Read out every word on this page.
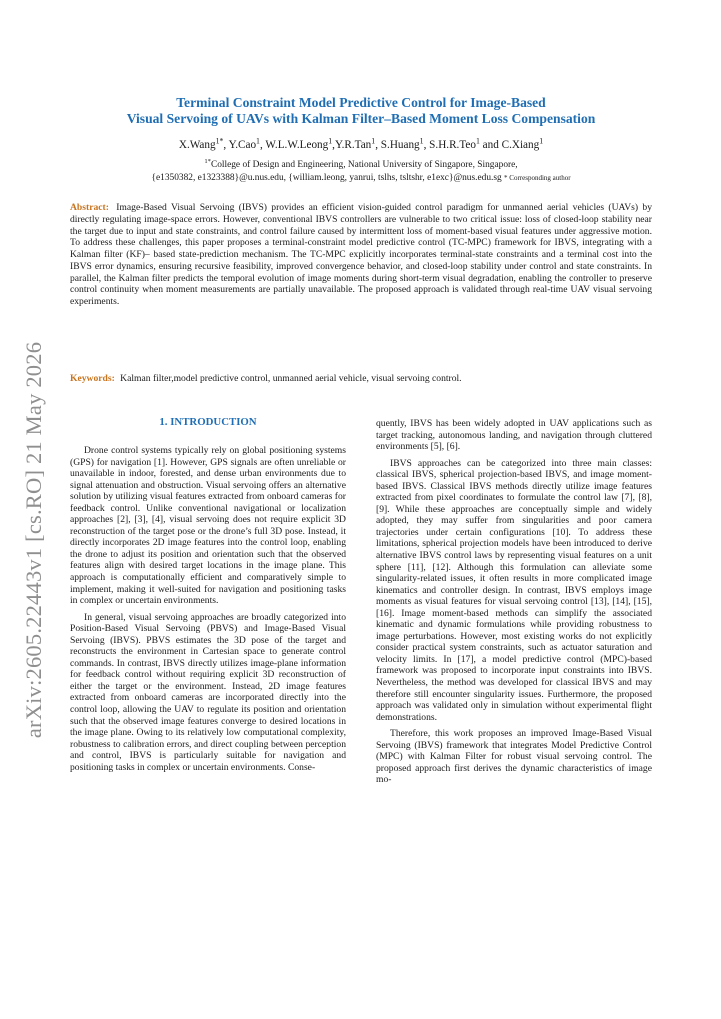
arXiv:2605.22443v1 [cs.RO] 21 May 2026

Terminal Constraint Model Predictive Control for Image-Based
Visual Servoing of UAVs with Kalman Filter–Based Moment Loss Compensation

X.Wang$^{1*}$, Y.Cao$^1$, W.L.W.Leong$^1$,Y.R.Tan$^1$, S.Huang$^1$, S.H.R.Teo$^1$ and C.Xiang$^1$
$^{1*}$College of Design and Engineering, National University of Singapore, Singapore,
{e1350382, e1323388}@u.nus.edu, {william.leong, yanrui, tslhs, tsltshr, e1exc}@nus.edu.sg * Corresponding author
Abstract: Image-Based Visual Servoing (IBVS) provides an efficient vision-guided control paradigm for unmanned aerial vehicles (UAVs) by directly regulating image-space errors. However, conventional IBVS controllers are vulnerable to two critical issue: loss of closed-loop stability near the target due to input and state constraints, and control failure caused by intermittent loss of moment-based visual features under aggressive motion. To address these challenges, this paper proposes a terminal-constraint model predictive control (TC-MPC) framework for IBVS, integrating with a Kalman filter (KF)– based state-prediction mechanism. The TC-MPC explicitly incorporates terminal-state constraints and a terminal cost into the IBVS error dynamics, ensuring recursive feasibility, improved convergence behavior, and closed-loop stability under control and state constraints. In parallel, the Kalman filter predicts the temporal evolution of image moments during short-term visual degradation, enabling the controller to preserve control continuity when moment measurements are partially unavailable. The proposed approach is validated through real-time UAV visual servoing experiments.
Keywords: Kalman filter,model predictive control, unmanned aerial vehicle, visual servoing control.
1. INTRODUCTION

Drone control systems typically rely on global positioning systems (GPS) for navigation [1]. However, GPS signals are often unreliable or unavailable in indoor, forested, and dense urban environments due to signal attenuation and obstruction. Visual servoing offers an alternative solution by utilizing visual features extracted from onboard cameras for feedback control. Unlike conventional navigational or localization approaches [2], [3], [4], visual servoing does not require explicit 3D reconstruction of the target pose or the drone’s full 3D pose. Instead, it directly incorporates 2D image features into the control loop, enabling the drone to adjust its position and orientation such that the observed features align with desired target locations in the image plane. This approach is computationally efficient and comparatively simple to implement, making it well-suited for navigation and positioning tasks in complex or uncertain environments.

In general, visual servoing approaches are broadly categorized into Position-Based Visual Servoing (PBVS) and Image-Based Visual Servoing (IBVS). PBVS estimates the 3D pose of the target and reconstructs the environment in Cartesian space to generate control commands. In contrast, IBVS directly utilizes image-plane information for feedback control without requiring explicit 3D reconstruction of either the target or the environment. Instead, 2D image features extracted from onboard cameras are incorporated directly into the control loop, allowing the UAV to regulate its position and orientation such that the observed image features converge to desired locations in the image plane. Owing to its relatively low computational complexity, robustness to calibration errors, and direct coupling between perception and control, IBVS is particularly suitable for navigation and positioning tasks in complex or uncertain environments. Conse-

quently, IBVS has been widely adopted in UAV applications such as target tracking, autonomous landing, and navigation through cluttered environments [5], [6].

IBVS approaches can be categorized into three main classes: classical IBVS, spherical projection-based IBVS, and image moment-based IBVS. Classical IBVS methods directly utilize image features extracted from pixel coordinates to formulate the control law [7], [8], [9]. While these approaches are conceptually simple and widely adopted, they may suffer from singularities and poor camera trajectories under certain configurations [10]. To address these limitations, spherical projection models have been introduced to derive alternative IBVS control laws by representing visual features on a unit sphere [11], [12]. Although this formulation can alleviate some singularity-related issues, it often results in more complicated image kinematics and controller design. In contrast, IBVS employs image moments as visual features for visual servoing control [13], [14], [15], [16]. Image moment-based methods can simplify the associated kinematic and dynamic formulations while providing robustness to image perturbations. However, most existing works do not explicitly consider practical system constraints, such as actuator saturation and velocity limits. In [17], a model predictive control (MPC)-based framework was proposed to incorporate input constraints into IBVS. Nevertheless, the method was developed for classical IBVS and may therefore still encounter singularity issues. Furthermore, the proposed approach was validated only in simulation without experimental flight demonstrations.

Therefore, this work proposes an improved Image-Based Visual Servoing (IBVS) framework that integrates Model Predictive Control (MPC) with Kalman Filter for robust visual servoing control. The proposed approach first derives the dynamic characteristics of image mo-
